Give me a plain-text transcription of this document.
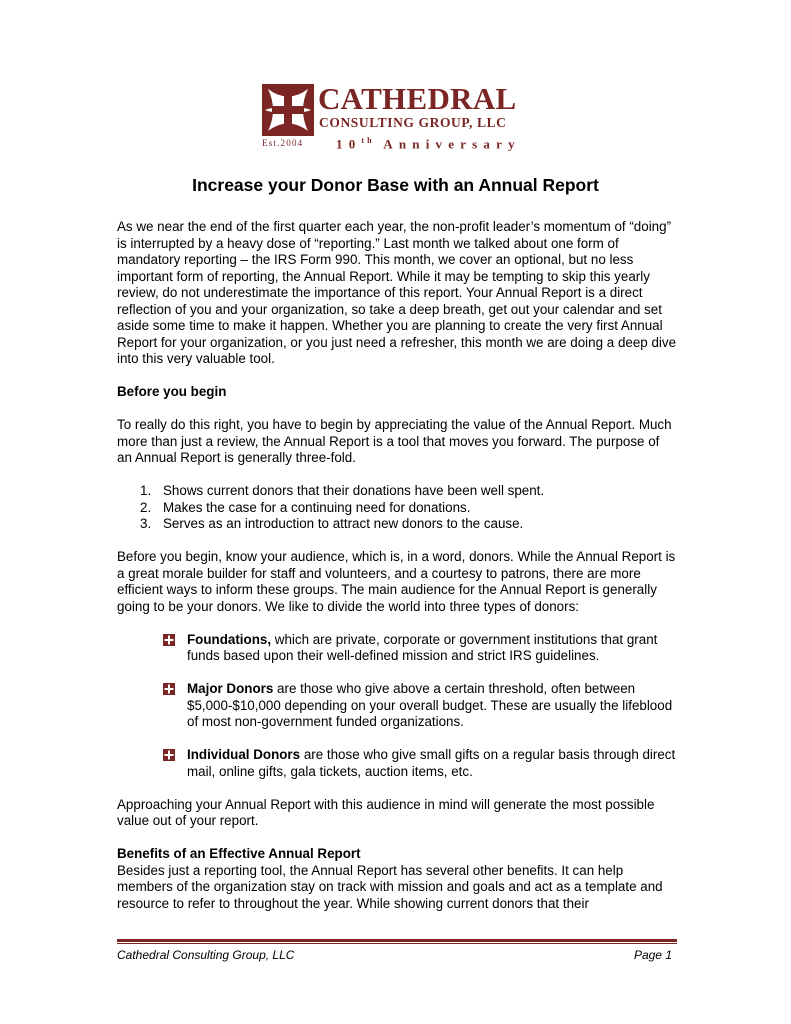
CATHEDRAL
CONSULTING GROUP, LLC
Est.2004	10th Anniversary
Increase your Donor Base with an Annual Report

As we near the end of the first quarter each year, the non-profit leader’s momentum of “doing” is interrupted by a heavy dose of “reporting.” Last month we talked about one form of mandatory reporting – the IRS Form 990. This month, we cover an optional, but no less important form of reporting, the Annual Report. While it may be tempting to skip this yearly review, do not underestimate the importance of this report. Your Annual Report is a direct reflection of you and your organization, so take a deep breath, get out your calendar and set aside some time to make it happen. Whether you are planning to create the very first Annual Report for your organization, or you just need a refresher, this month we are doing a deep dive into this very valuable tool.

Before you begin

To really do this right, you have to begin by appreciating the value of the Annual Report. Much more than just a review, the Annual Report is a tool that moves you forward. The purpose of an Annual Report is generally three-fold.

1. Shows current donors that their donations have been well spent.
2. Makes the case for a continuing need for donations.
3. Serves as an introduction to attract new donors to the cause.

Before you begin, know your audience, which is, in a word, donors. While the Annual Report is a great morale builder for staff and volunteers, and a courtesy to patrons, there are more efficient ways to inform these groups. The main audience for the Annual Report is generally going to be your donors. We like to divide the world into three types of donors:

Foundations, which are private, corporate or government institutions that grant funds based upon their well-defined mission and strict IRS guidelines.
Major Donors are those who give above a certain threshold, often between $5,000-$10,000 depending on your overall budget. These are usually the lifeblood of most non-government funded organizations.
Individual Donors are those who give small gifts on a regular basis through direct mail, online gifts, gala tickets, auction items, etc.

Approaching your Annual Report with this audience in mind will generate the most possible value out of your report.

Benefits of an Effective Annual Report

Besides just a reporting tool, the Annual Report has several other benefits. It can help members of the organization stay on track with mission and goals and act as a template and resource to refer to throughout the year. While showing current donors that their

Cathedral Consulting Group, LLC	Page 1
